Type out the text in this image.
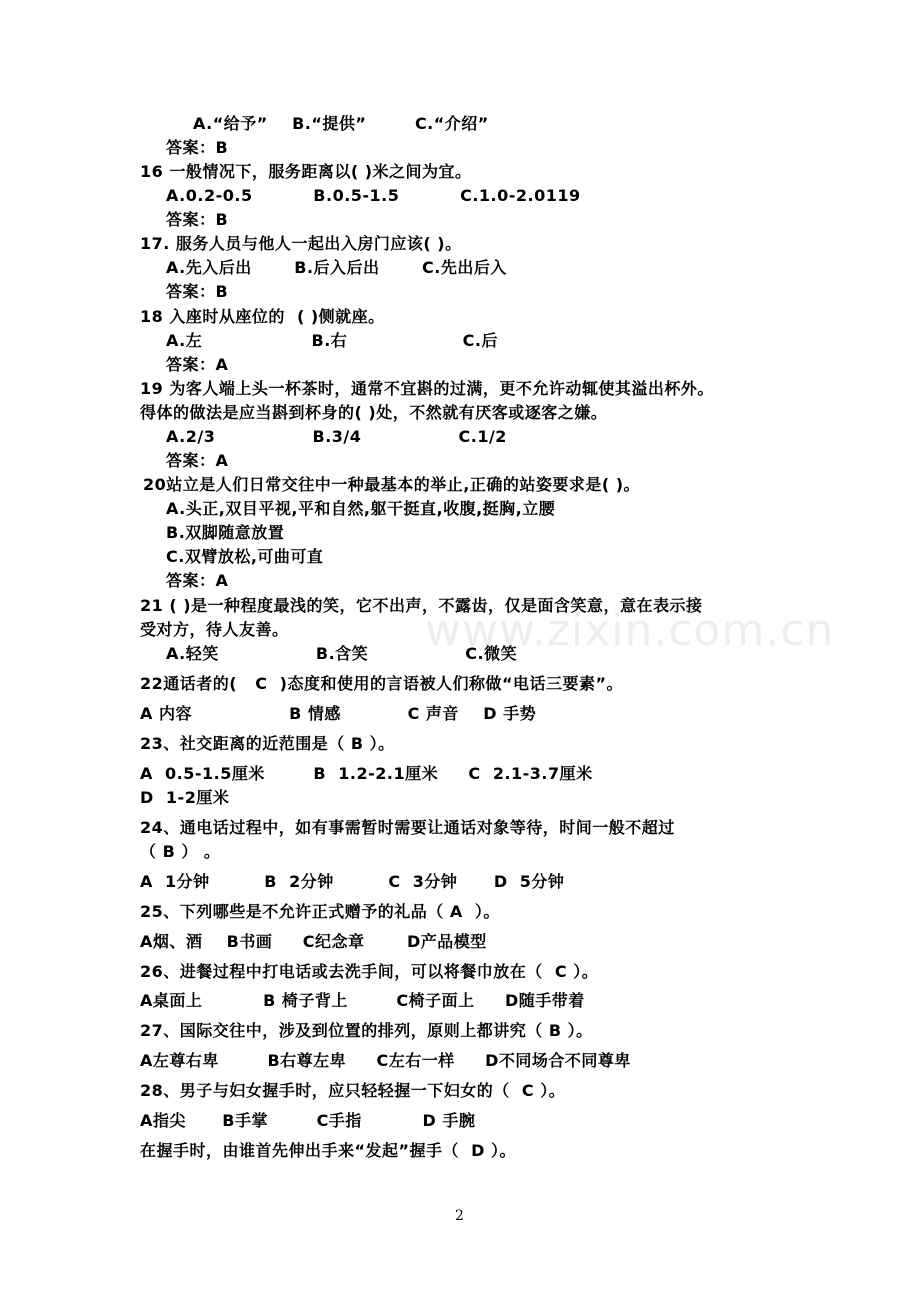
A.“给予”    B.“提供”        C.“介绍”
答案：B
16 一般情况下，服务距离以( )米之间为宜。
A.0.2-0.5          B.0.5-1.5          C.1.0-2.0119
答案：B
17. 服务人员与他人一起出入房门应该( )。
A.先入后出       B.后入后出       C.先出后入
答案：B
18 入座时从座位的  ( )侧就座。
A.左                  B.右                   C.后
答案：A
19 为客人端上头一杯茶时，通常不宜斟的过满，更不允许动辄使其溢出杯外。
得体的做法是应当斟到杯身的( )处，不然就有厌客或逐客之嫌。
A.2/3                B.3/4                C.1/2
答案：A
20站立是人们日常交往中一种最基本的举止,正确的站姿要求是( )。
A.头正,双目平视,平和自然,躯干挺直,收腹,挺胸,立腰
B.双脚随意放置
C.双臂放松,可曲可直
答案：A
21 ( )是一种程度最浅的笑，它不出声，不露齿，仅是面含笑意，意在表示接
受对方，待人友善。
A.轻笑                B.含笑                C.微笑
22通话者的(   C  )态度和使用的言语被人们称做“电话三要素”。
A 内容                B 情感           C 声音    D 手势
23、社交距离的近范围是（ B ）。
A  0.5-1.5厘米        B  1.2-2.1厘米     C  2.1-3.7厘米
D  1-2厘米
24、通电话过程中，如有事需暂时需要让通话对象等待，时间一般不超过
（ B ） 。
A  1分钟         B  2分钟         C  3分钟      D  5分钟
25、下列哪些是不允许正式赠予的礼品（ A  ）。
A烟、酒    B书画     C纪念章       D产品模型
26、进餐过程中打电话或去洗手间，可以将餐巾放在（  C ）。
A桌面上          B 椅子背上        C椅子面上     D随手带着
27、国际交往中，涉及到位置的排列，原则上都讲究（ B ）。
A左尊右卑        B右尊左卑     C左右一样     D不同场合不同尊卑
28、男子与妇女握手时，应只轻轻握一下妇女的（  C ）。
A指尖      B手掌        C手指          D 手腕
在握手时，由谁首先伸出手来“发起”握手（  D ）。
www.zixin.com.cn
2
